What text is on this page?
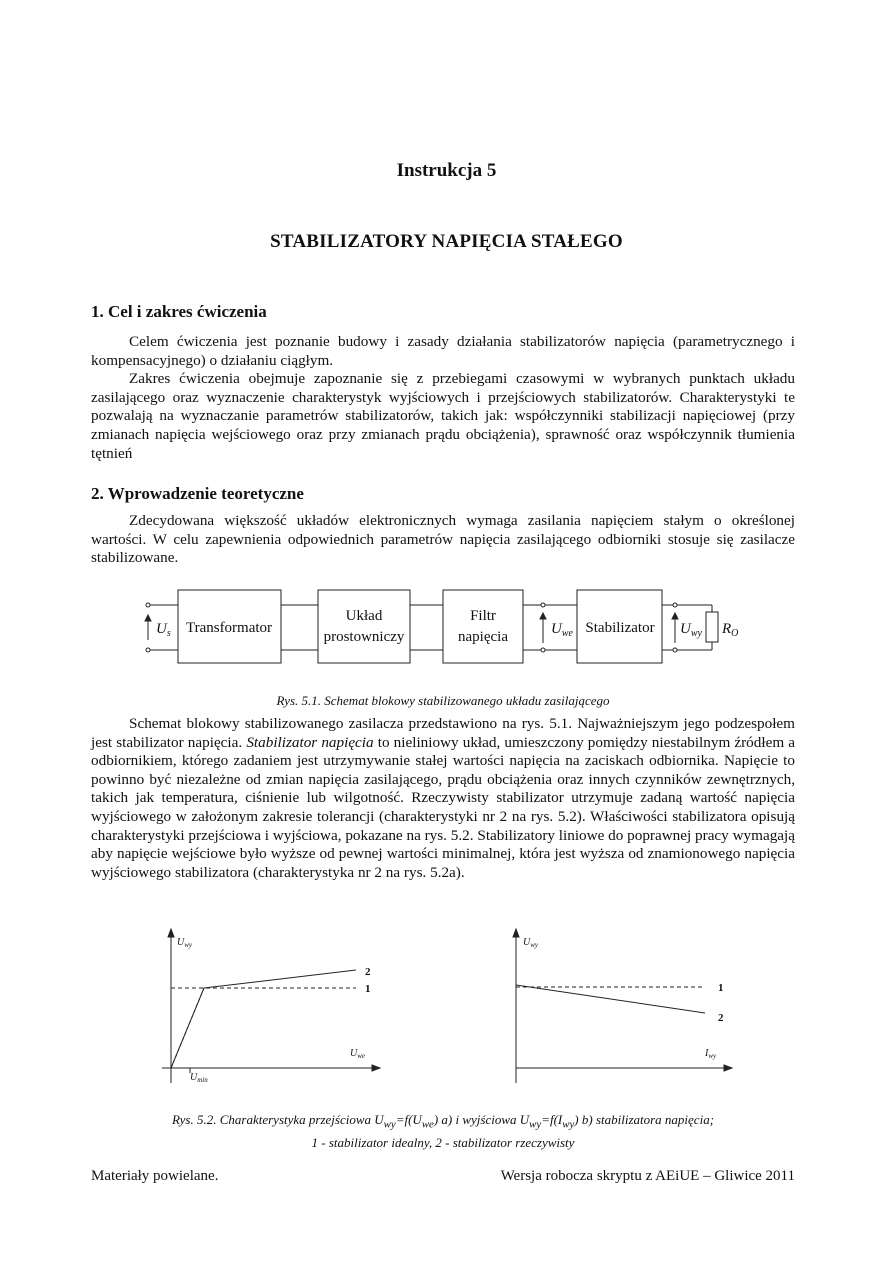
Instrukcja 5
STABILIZATORY NAPIĘCIA STAŁEGO
1. Cel i zakres ćwiczenia

Celem ćwiczenia jest poznanie budowy i zasady działania stabilizatorów napięcia (parametrycznego i kompensacyjnego) o działaniu ciągłym.

Zakres ćwiczenia obejmuje zapoznanie się z przebiegami czasowymi w wybranych punktach układu zasilającego oraz wyznaczenie charakterystyk wyjściowych i przejściowych stabilizatorów. Charakterystyki te pozwalają na wyznaczanie parametrów stabilizatorów, takich jak: współczynniki stabilizacji napięciowej (przy zmianach napięcia wejściowego oraz przy zmianach prądu obciążenia), sprawność oraz współczynnik tłumienia tętnień

2. Wprowadzenie teoretyczne

Zdecydowana większość układów elektronicznych wymaga zasilania napięciem stałym o określonej wartości. W celu zapewnienia odpowiednich parametrów napięcia zasilającego odbiorniki stosuje się zasilacze stabilizowane.

$U_s$ Transformator
Układ
prostowniczy
Filtr
napięcia	$U_{we}$ Stabilizator $U_{wy}$ $R_O$
Rys. 5.1. Schemat blokowy stabilizowanego układu zasilającego

Schemat blokowy stabilizowanego zasilacza przedstawiono na rys. 5.1. Najważniejszym jego podzespołem jest stabilizator napięcia. Stabilizator napięcia to nieliniowy układ, umieszczony pomiędzy niestabilnym źródłem a odbiornikiem, którego zadaniem jest utrzymywanie stałej wartości napięcia na zaciskach odbiornika. Napięcie to powinno być niezależne od zmian napięcia zasilającego, prądu obciążenia oraz innych czynników zewnętrznych, takich jak temperatura, ciśnienie lub wilgotność. Rzeczywisty stabilizator utrzymuje zadaną wartość napięcia wyjściowego w założonym zakresie tolerancji (charakterystyki nr 2 na rys. 5.2). Właściwości stabilizatora opisują charakterystyki przejściowa i wyjściowa, pokazane na rys. 5.2. Stabilizatory liniowe do poprawnej pracy wymagają aby napięcie wejściowe było wyższe od pewnej wartości minimalnej, która jest wyższa od znamionowego napięcia wyjściowego stabilizatora (charakterystyka nr 2 na rys. 5.2a).

$U_{wy}$
$U_{we}$
$U_{min}$
2
1
$U_{wy}$
$I_{wy}$
1
2
Rys. 5.2. Charakterystyka przejściowa $U_{wy}=f(U_{we})$ a) i wyjściowa $U_{wy}=f(I_{wy})$ b) stabilizatora napięcia;
1 - stabilizator idealny, 2 - stabilizator rzeczywisty
Materiały powielane.	Wersja robocza skryptu z AEiUE – Gliwice 2011
